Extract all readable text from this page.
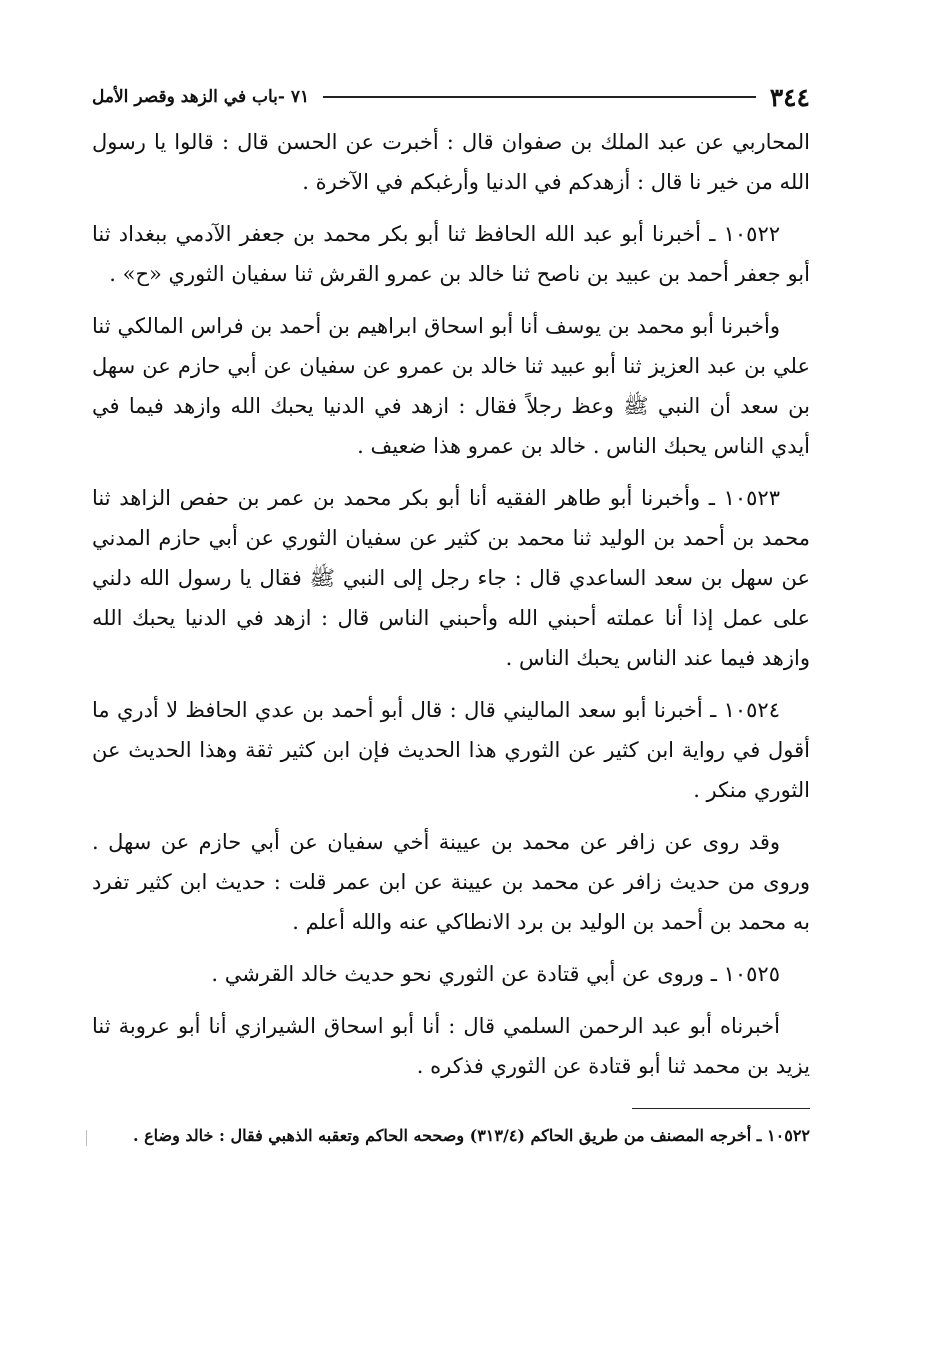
٣٤٤
٧١ -باب في الزهد وقصر الأمل

المحاربي عن عبد الملك بن صفوان قال : أخبرت عن الحسن قال : قالوا يا رسول الله من خير نا قال : أزهدكم في الدنيا وأرغبكم في الآخرة .

١٠٥٢٢ ـ أخبرنا أبو عبد الله الحافظ ثنا أبو بكر محمد بن جعفر الآدمي ببغداد ثنا أبو جعفر أحمد بن عبيد بن ناصح ثنا خالد بن عمرو القرش ثنا سفيان الثوري «ح» .

وأخبرنا أبو محمد بن يوسف أنا أبو اسحاق ابراهيم بن أحمد بن فراس المالكي ثنا علي بن عبد العزيز ثنا أبو عبيد ثنا خالد بن عمرو عن سفيان عن أبي حازم عن سهل بن سعد أن النبي ﷺ وعظ رجلاً فقال : ازهد في الدنيا يحبك الله وازهد فيما في أيدي الناس يحبك الناس . خالد بن عمرو هذا ضعيف .

١٠٥٢٣ ـ وأخبرنا أبو طاهر الفقيه أنا أبو بكر محمد بن عمر بن حفص الزاهد ثنا محمد بن أحمد بن الوليد ثنا محمد بن كثير عن سفيان الثوري عن أبي حازم المدني عن سهل بن سعد الساعدي قال : جاء رجل إلى النبي ﷺ فقال يا رسول الله دلني على عمل إذا أنا عملته أحبني الله وأحبني الناس قال : ازهد في الدنيا يحبك الله وازهد فيما عند الناس يحبك الناس .

١٠٥٢٤ ـ أخبرنا أبو سعد الماليني قال : قال أبو أحمد بن عدي الحافظ لا أدري ما أقول في رواية ابن كثير عن الثوري هذا الحديث فإن ابن كثير ثقة وهذا الحديث عن الثوري منكر .

وقد روى عن زافر عن محمد بن عيينة أخي سفيان عن أبي حازم عن سهل . وروى من حديث زافر عن محمد بن عيينة عن ابن عمر قلت : حديث ابن كثير تفرد به محمد بن أحمد بن الوليد بن برد الانطاكي عنه والله أعلم .

١٠٥٢٥ ـ وروى عن أبي قتادة عن الثوري نحو حديث خالد القرشي .

أخبرناه أبو عبد الرحمن السلمي قال : أنا أبو اسحاق الشيرازي أنا أبو عروبة ثنا يزيد بن محمد ثنا أبو قتادة عن الثوري فذكره .

١٠٥٢٢ ـ أخرجه المصنف من طريق الحاكم (٣١٣/٤) وصححه الحاكم وتعقبه الذهبي فقال : خالد وضاع .
